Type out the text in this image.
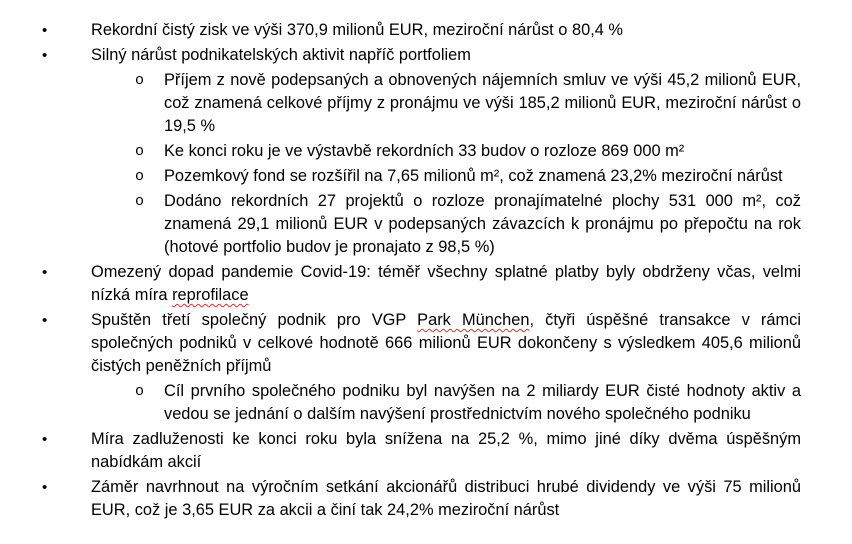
•	Rekordní čistý zisk ve výši 370,9 milionů EUR, meziroční nárůst o 80,4 %
•	Silný nárůst podnikatelských aktivit napříč portfoliem
o Příjem z nově podepsaných a obnovených nájemních smluv ve výši 45,2 milionů EUR, což znamená celkové příjmy z pronájmu ve výši 185,2 milionů EUR, meziroční nárůst o 19,5 %
o Ke konci roku je ve výstavbě rekordních 33 budov o rozloze 869 000 m²
o Pozemkový fond se rozšířil na 7,65 milionů m², což znamená 23,2% meziroční nárůst
o Dodáno rekordních 27 projektů o rozloze pronajímatelné plochy 531 000 m², což znamená 29,1 milionů EUR v podepsaných závazcích k pronájmu po přepočtu na rok (hotové portfolio budov je pronajato z 98,5 %)
•	Omezený dopad pandemie Covid-19: téměř všechny splatné platby byly obdrženy včas, velmi nízká míra reprofilace
•	Spuštěn třetí společný podnik pro VGP Park München, čtyři úspěšné transakce v rámci společných podniků v celkové hodnotě 666 milionů EUR dokončeny s výsledkem 405,6 milionů čistých peněžních příjmů
o Cíl prvního společného podniku byl navýšen na 2 miliardy EUR čisté hodnoty aktiv a vedou se jednání o dalším navýšení prostřednictvím nového společného podniku
•	Míra zadluženosti ke konci roku byla snížena na 25,2 %, mimo jiné díky dvěma úspěšným nabídkám akcií
•	Záměr navrhnout na výročním setkání akcionářů distribuci hrubé dividendy ve výši 75 milionů EUR, což je 3,65 EUR za akcii a činí tak 24,2% meziroční nárůst
